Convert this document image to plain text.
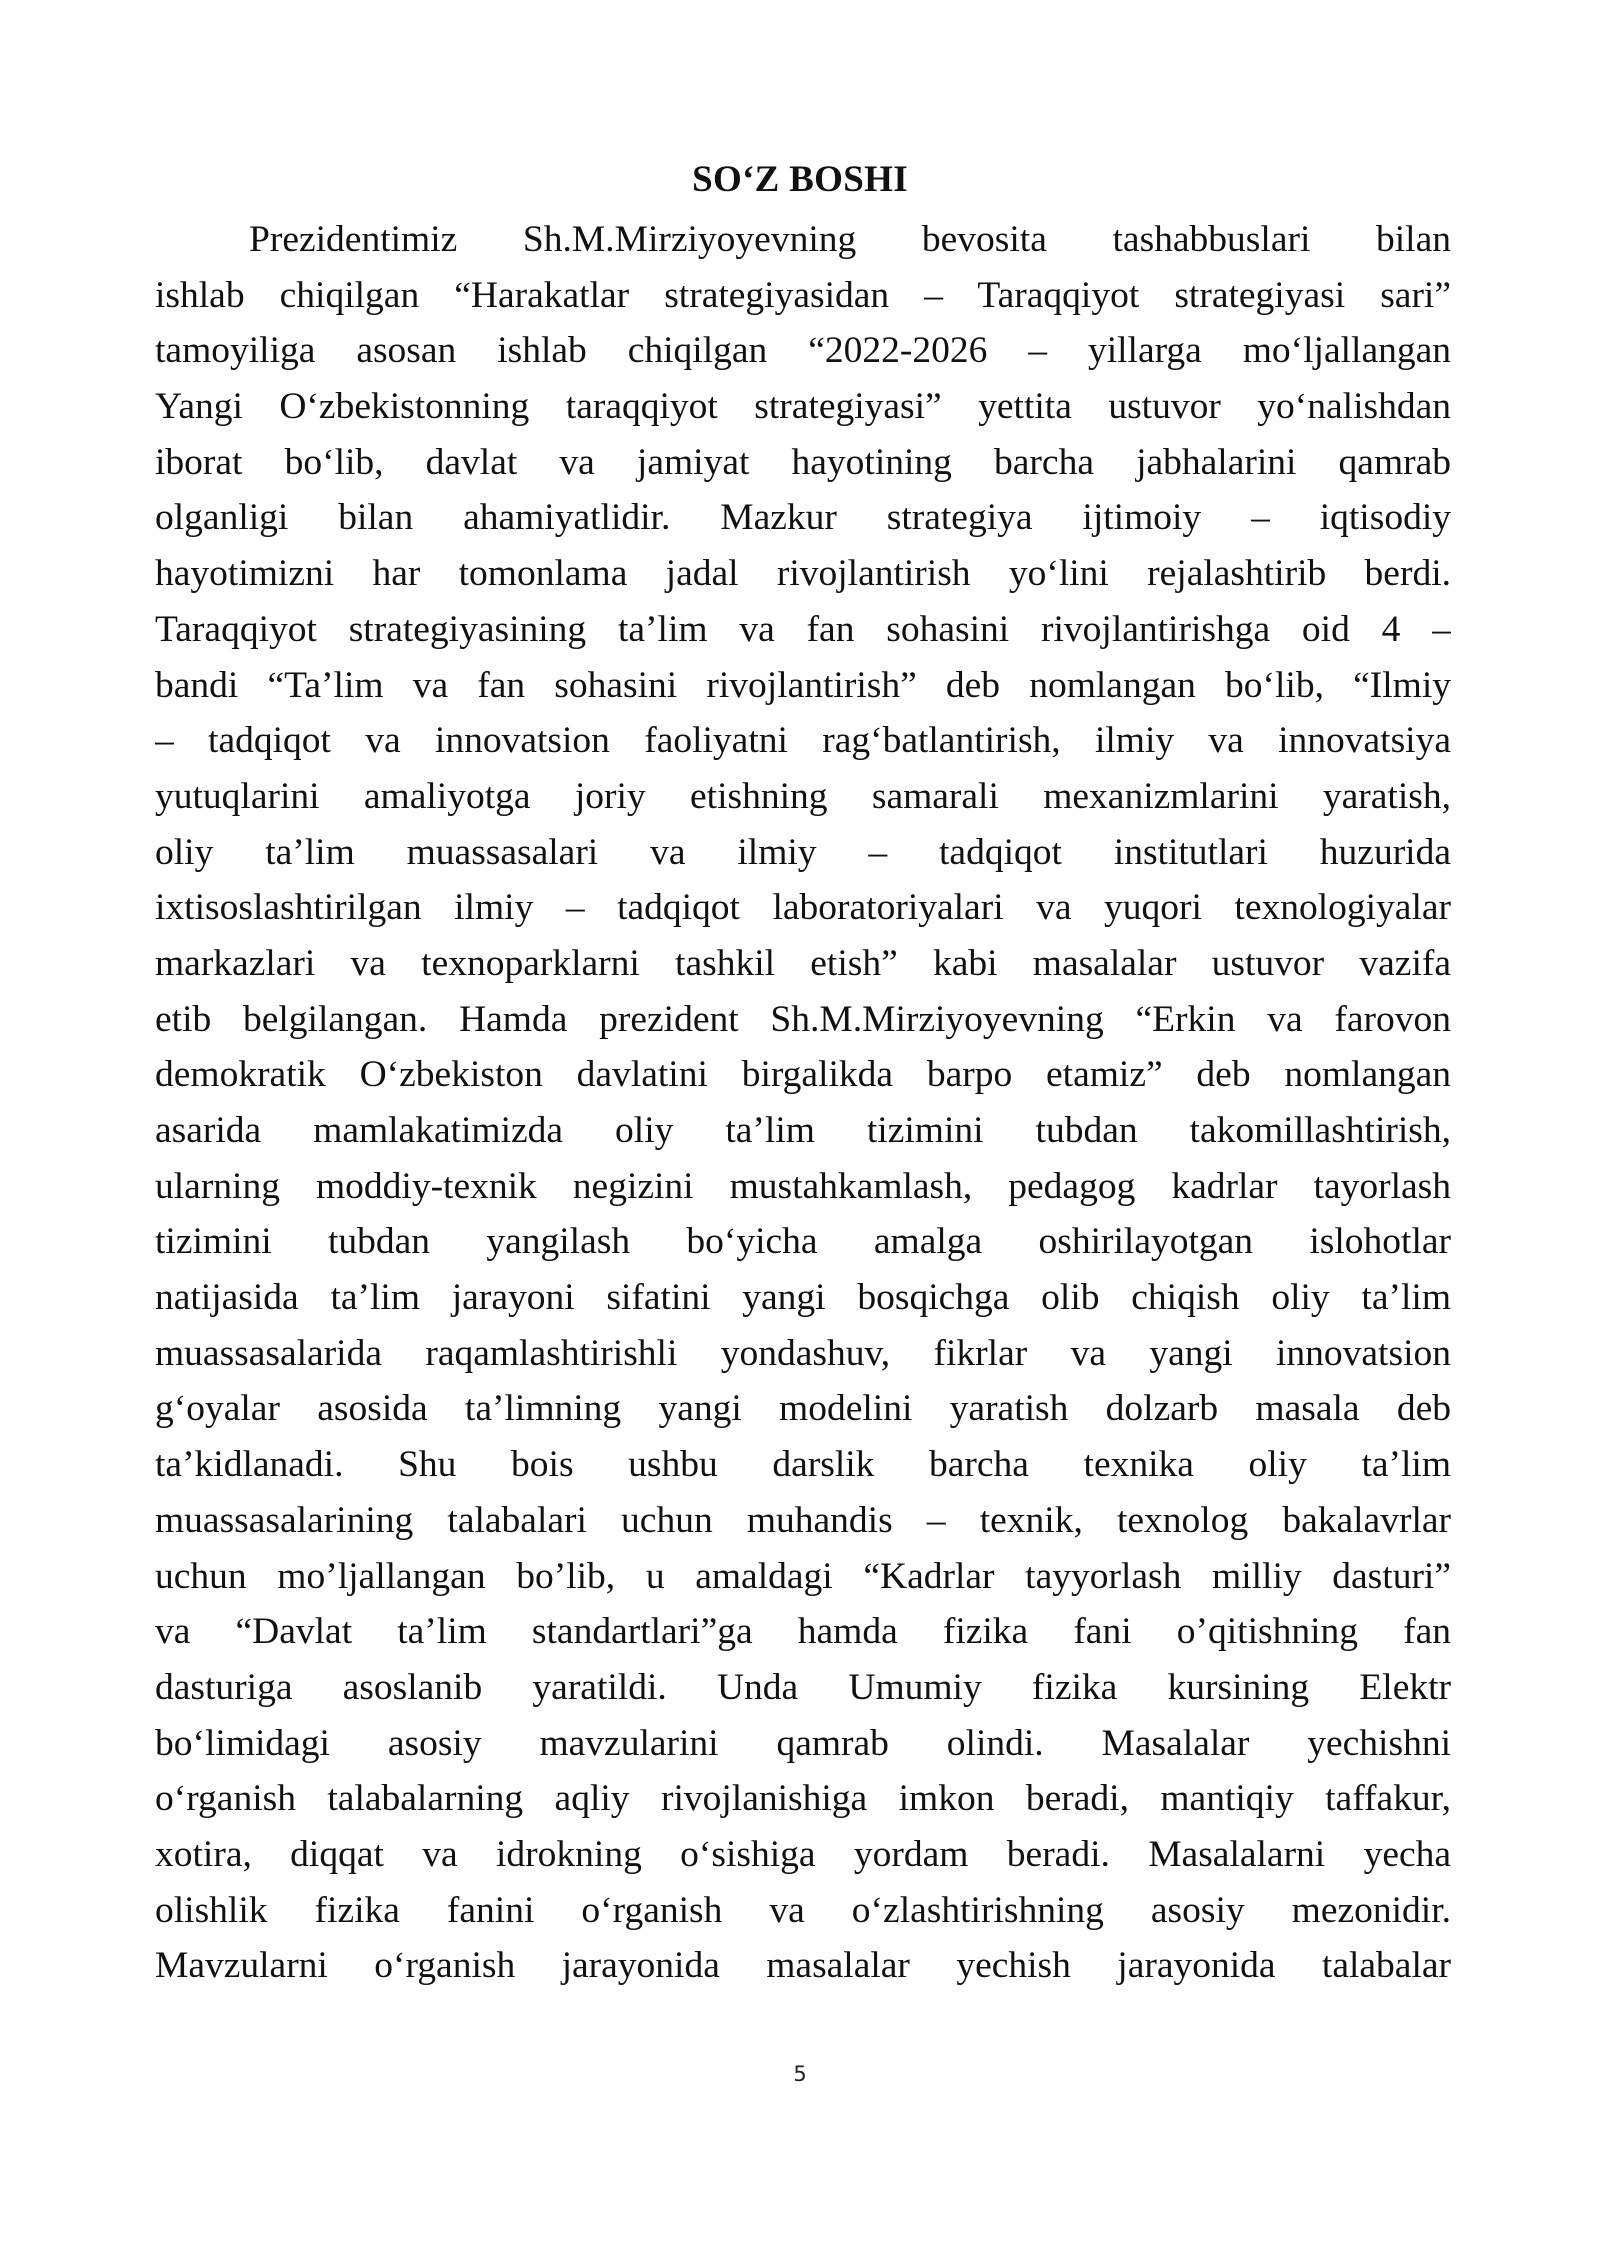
SO‘Z BOSHI
Prezidentimiz Sh.M.Mirziyoyevning bevosita tashabbuslari bilan
ishlab chiqilgan “Harakatlar strategiyasidan – Taraqqiyot strategiyasi sari”
tamoyiliga asosan ishlab chiqilgan “2022-2026 – yillarga mo‘ljallangan
Yangi O‘zbekistonning taraqqiyot strategiyasi” yettita ustuvor yo‘nalishdan
iborat bo‘lib, davlat va jamiyat hayotining barcha jabhalarini qamrab
olganligi bilan ahamiyatlidir. Mazkur strategiya ijtimoiy – iqtisodiy
hayotimizni har tomonlama jadal rivojlantirish yo‘lini rejalashtirib berdi.
Taraqqiyot strategiyasining ta’lim va fan sohasini rivojlantirishga oid 4 –
bandi “Ta’lim va fan sohasini rivojlantirish” deb nomlangan bo‘lib, “Ilmiy
– tadqiqot va innovatsion faoliyatni rag‘batlantirish, ilmiy va innovatsiya
yutuqlarini amaliyotga joriy etishning samarali mexanizmlarini yaratish,
oliy ta’lim muassasalari va ilmiy – tadqiqot institutlari huzurida
ixtisoslashtirilgan ilmiy – tadqiqot laboratoriyalari va yuqori texnologiyalar
markazlari va texnoparklarni tashkil etish” kabi masalalar ustuvor vazifa
etib belgilangan. Hamda prezident Sh.M.Mirziyoyevning “Erkin va farovon
demokratik O‘zbekiston davlatini birgalikda barpo etamiz” deb nomlangan
asarida mamlakatimizda oliy ta’lim tizimini tubdan takomillashtirish,
ularning moddiy-texnik negizini mustahkamlash, pedagog kadrlar tayorlash
tizimini tubdan yangilash bo‘yicha amalga oshirilayotgan islohotlar
natijasida ta’lim jarayoni sifatini yangi bosqichga olib chiqish oliy ta’lim
muassasalarida raqamlashtirishli yondashuv, fikrlar va yangi innovatsion
g‘oyalar asosida ta’limning yangi modelini yaratish dolzarb masala deb
ta’kidlanadi. Shu bois ushbu darslik barcha texnika oliy ta’lim
muassasalarining talabalari uchun muhandis – texnik, texnolog bakalavrlar
uchun mo’ljallangan bo’lib, u amaldagi “Kadrlar tayyorlash milliy dasturi”
va “Davlat ta’lim standartlari”ga hamda fizika fani o’qitishning fan
dasturiga asoslanib yaratildi. Unda Umumiy fizika kursining Elektr
bo‘limidagi asosiy mavzularini qamrab olindi. Masalalar yechishni
o‘rganish talabalarning aqliy rivojlanishiga imkon beradi, mantiqiy taffakur,
xotira, diqqat va idrokning o‘sishiga yordam beradi. Masalalarni yecha
olishlik fizika fanini o‘rganish va o‘zlashtirishning asosiy mezonidir.
Mavzularni o‘rganish jarayonida masalalar yechish jarayonida talabalar
5
